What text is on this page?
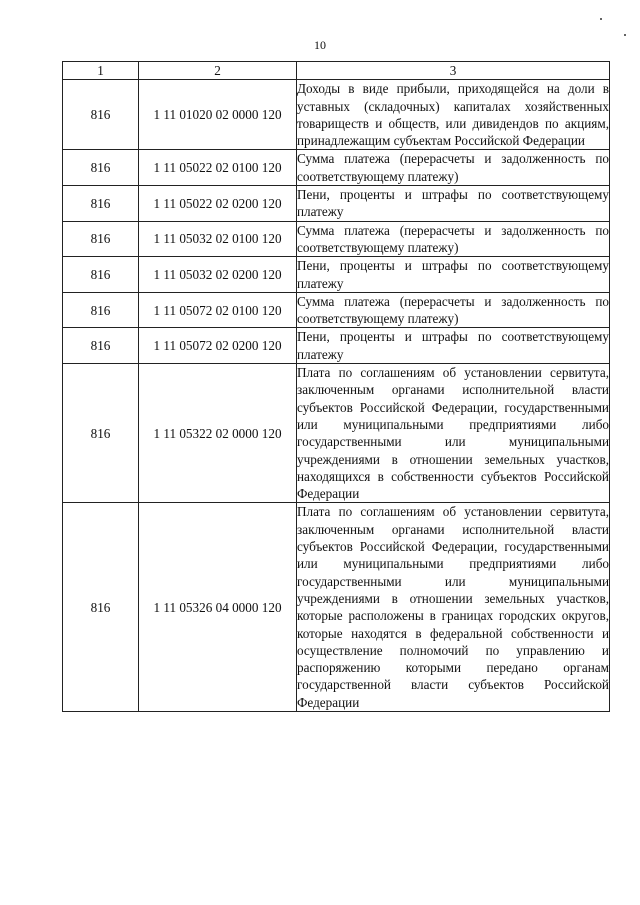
10
1	2	3
816	1 11 01020 02 0000 120	Доходы в виде прибыли, приходящейся на доли в уставных (складочных) капиталах хозяйственных товариществ и обществ, или дивидендов по акциям, принадлежащим субъектам Российской Федерации
816	1 11 05022 02 0100 120	Сумма платежа (перерасчеты и задолженность по соответствующему платежу)
816	1 11 05022 02 0200 120	Пени, проценты и штрафы по соответствующему платежу
816	1 11 05032 02 0100 120	Сумма платежа (перерасчеты и задолженность по соответствующему платежу)
816	1 11 05032 02 0200 120	Пени, проценты и штрафы по соответствующему платежу
816	1 11 05072 02 0100 120	Сумма платежа (перерасчеты и задолженность по соответствующему платежу)
816	1 11 05072 02 0200 120	Пени, проценты и штрафы по соответствующему платежу
816	1 11 05322 02 0000 120	Плата по соглашениям об установлении сервитута, заключенным органами исполнительной власти субъектов Российской Федерации, государственными или муниципальными предприятиями либо государственными или муниципальными учреждениями в отношении земельных участков, находящихся в собственности субъектов Российской Федерации
816	1 11 05326 04 0000 120	Плата по соглашениям об установлении сервитута, заключенным органами исполнительной власти субъектов Российской Федерации, государственными или муниципальными предприятиями либо государственными или муниципальными учреждениями в отношении земельных участков, которые расположены в границах городских округов, которые находятся в федеральной собственности и осуществление полномочий по управлению и распоряжению которыми передано органам государственной власти субъектов Российской Федерации
